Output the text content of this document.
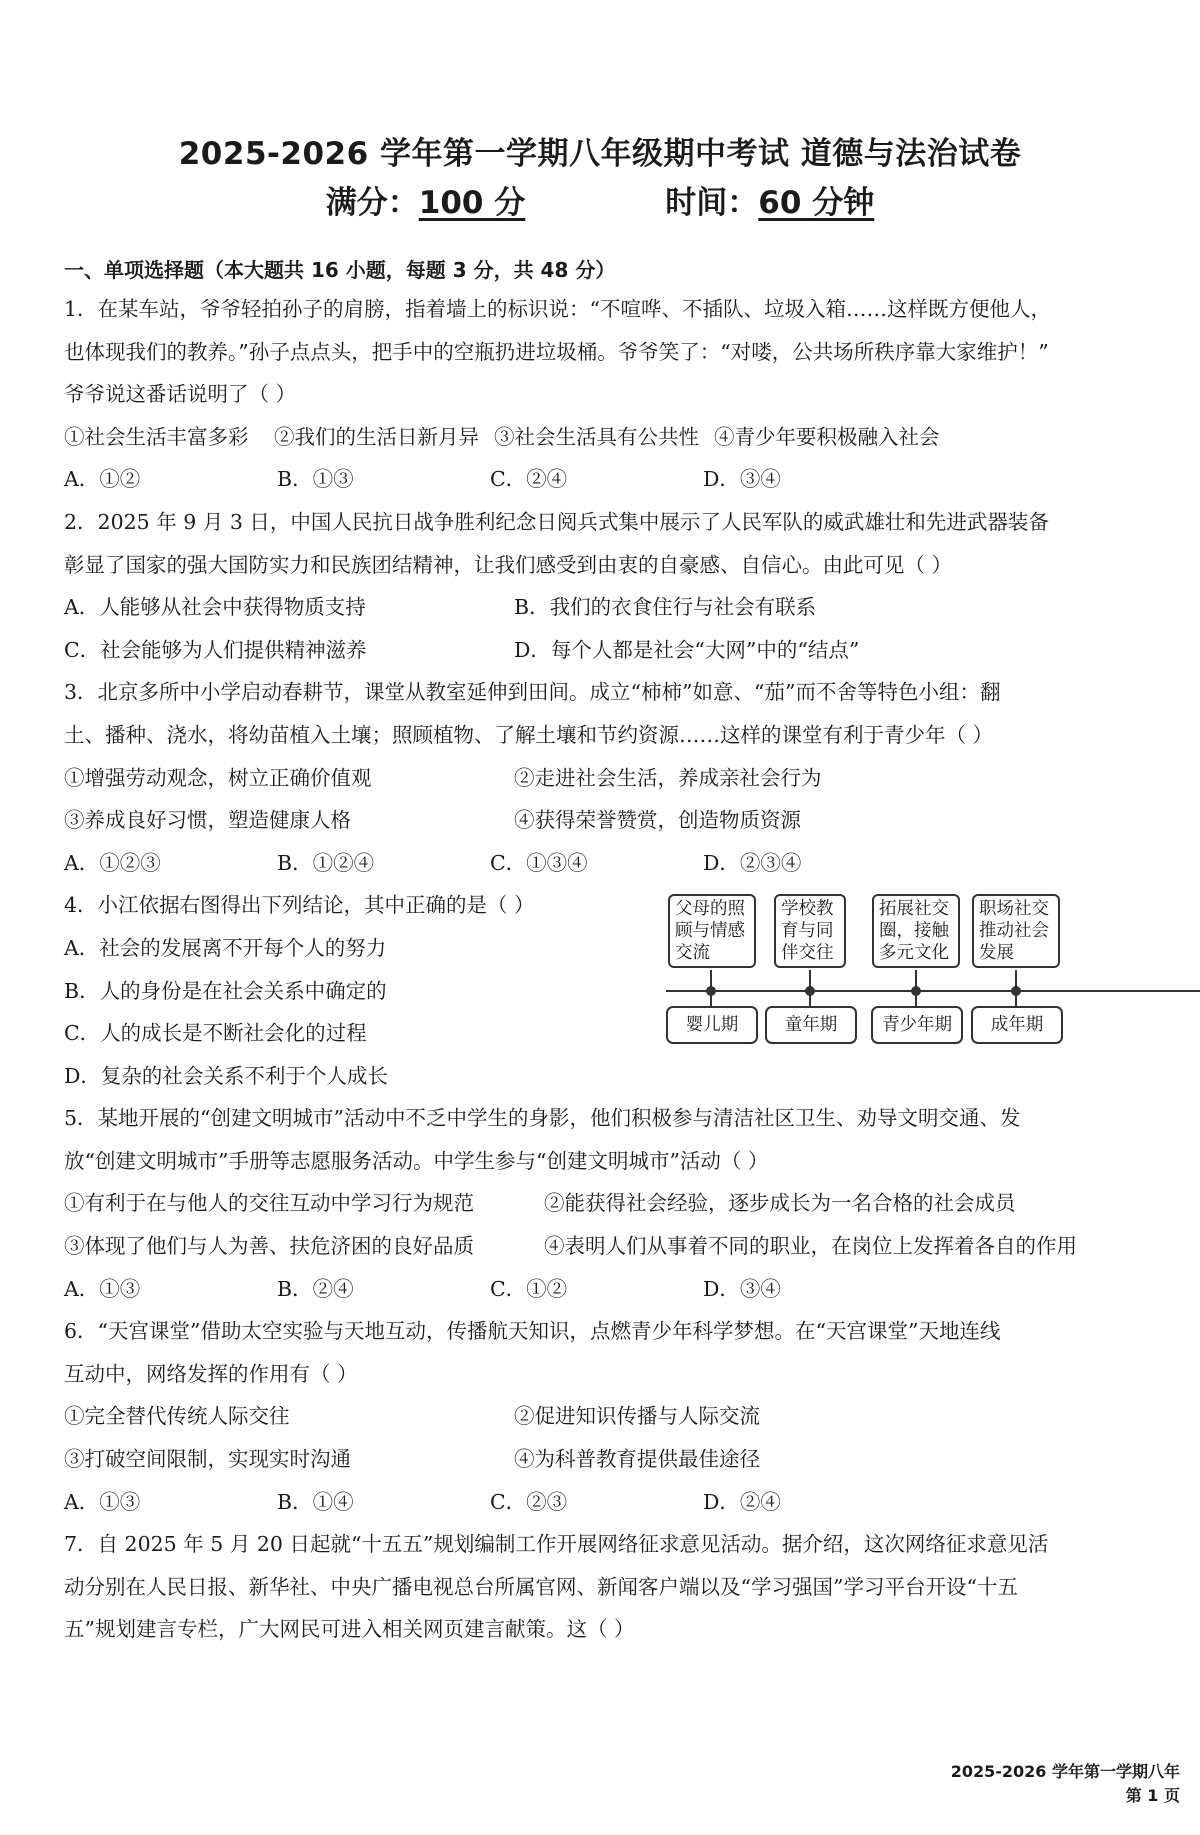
2025-2026 学年第一学期八年级期中考试 道德与法治试卷
满分：100 分	时间：60 分钟
一、单项选择题（本大题共 16 小题，每题 3 分，共 48 分）
1．在某车站，爷爷轻拍孙子的肩膀，指着墙上的标识说：“不喧哗、不插队、垃圾入箱……这样既方便他人，
也体现我们的教养。”孙子点点头，把手中的空瓶扔进垃圾桶。爷爷笑了：“对喽，公共场所秩序靠大家维护！”
爷爷说这番话说明了（ ）
①社会生活丰富多彩	②我们的生活日新月异 ③社会生活具有公共性 ④青少年要积极融入社会
A．①②	B．①③	C．②④	D．③④
2．2025 年 9 月 3 日，中国人民抗日战争胜利纪念日阅兵式集中展示了人民军队的威武雄壮和先进武器装备
彰显了国家的强大国防实力和民族团结精神，让我们感受到由衷的自豪感、自信心。由此可见（ ）
A．人能够从社会中获得物质支持	B．我们的衣食住行与社会有联系
C．社会能够为人们提供精神滋养	D．每个人都是社会“大网”中的“结点”
3．北京多所中小学启动春耕节，课堂从教室延伸到田间。成立“柿柿”如意、“茄”而不舍等特色小组：翻
土、播种、浇水，将幼苗植入土壤；照顾植物、了解土壤和节约资源……这样的课堂有利于青少年（ ）
①增强劳动观念，树立正确价值观	②走进社会生活，养成亲社会行为
③养成良好习惯，塑造健康人格	④获得荣誉赞赏，创造物质资源
A．①②③	B．①②④	C．①③④	D．②③④
4．小江依据右图得出下列结论，其中正确的是（ ）
A．社会的发展离不开每个人的努力
B．人的身份是在社会关系中确定的
C．人的成长是不断社会化的过程
D．复杂的社会关系不利于个人成长
父母的照
顾与情感
交流
学校教
育与同
伴交往
拓展社交
圈，接触
多元文化
职场社交
推动社会
发展
婴儿期	童年期	青少年期	成年期
5．某地开展的“创建文明城市”活动中不乏中学生的身影，他们积极参与清洁社区卫生、劝导文明交通、发
放“创建文明城市”手册等志愿服务活动。中学生参与“创建文明城市”活动（ ）
①有利于在与他人的交往互动中学习行为规范	②能获得社会经验，逐步成长为一名合格的社会成员
③体现了他们与人为善、扶危济困的良好品质	④表明人们从事着不同的职业，在岗位上发挥着各自的作用
A．①③	B．②④	C．①②	D．③④
6．“天宫课堂”借助太空实验与天地互动，传播航天知识，点燃青少年科学梦想。在“天宫课堂”天地连线
互动中，网络发挥的作用有（ ）
①完全替代传统人际交往	②促进知识传播与人际交流
③打破空间限制，实现实时沟通	④为科普教育提供最佳途径
A．①③	B．①④	C．②③	D．②④
7．自 2025 年 5 月 20 日起就“十五五”规划编制工作开展网络征求意见活动。据介绍，这次网络征求意见活
动分别在人民日报、新华社、中央广播电视总台所属官网、新闻客户端以及“学习强国”学习平台开设“十五
五”规划建言专栏，广大网民可进入相关网页建言献策。这（ ）
2025-2026 学年第一学期八年
第 1 页
